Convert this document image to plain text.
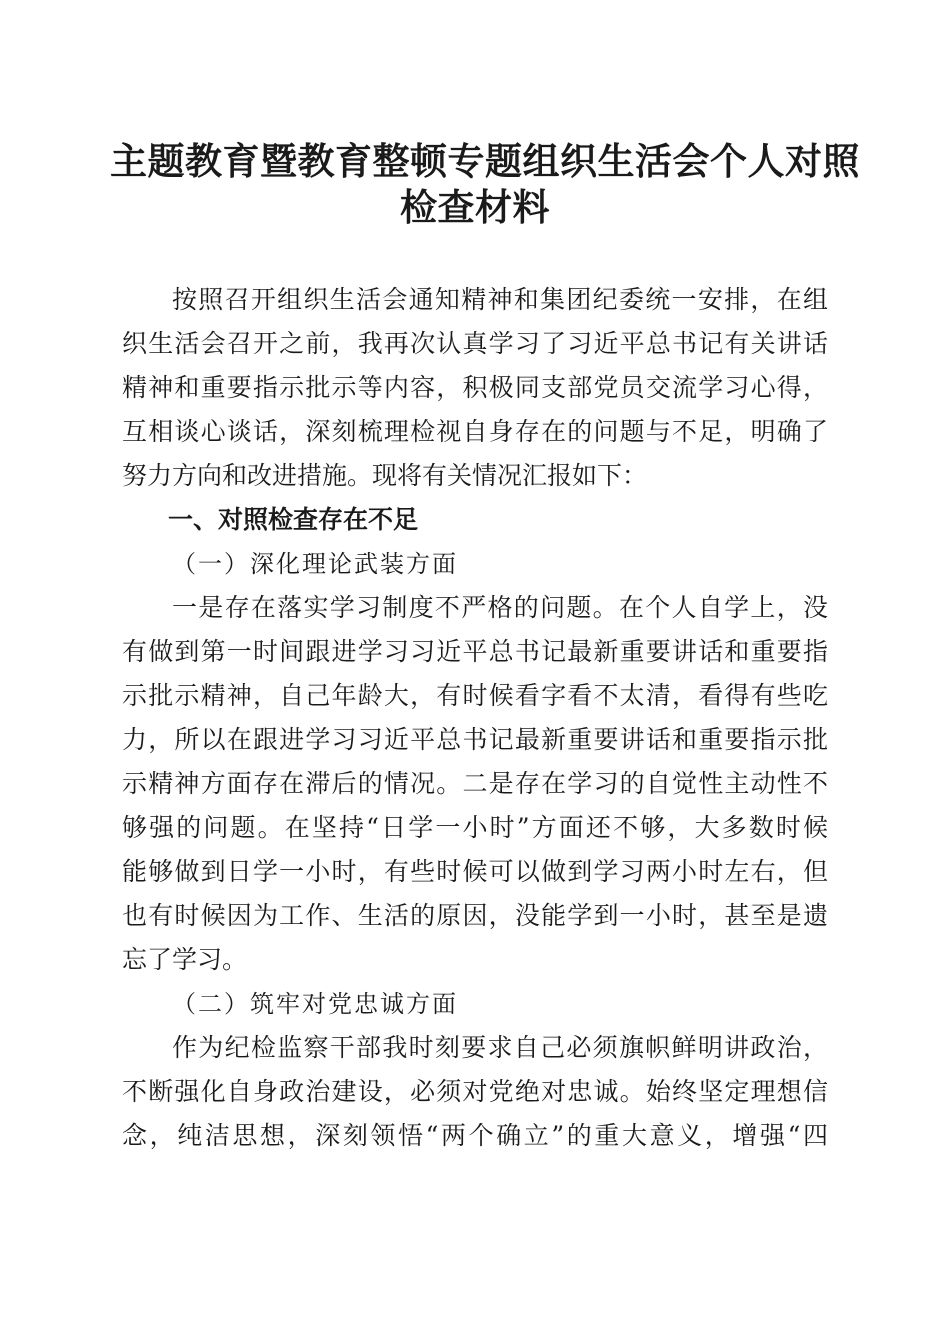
主题教育暨教育整顿专题组织生活会个人对照
检查材料
按照召开组织生活会通知精神和集团纪委统一安排，在组
织生活会召开之前，我再次认真学习了习近平总书记有关讲话
精神和重要指示批示等内容，积极同支部党员交流学习心得，
互相谈心谈话，深刻梳理检视自身存在的问题与不足，明确了
努力方向和改进措施。现将有关情况汇报如下：
一、对照检查存在不足
（一）深化理论武装方面
一是存在落实学习制度不严格的问题。在个人自学上，没
有做到第一时间跟进学习习近平总书记最新重要讲话和重要指
示批示精神，自己年龄大，有时候看字看不太清，看得有些吃
力，所以在跟进学习习近平总书记最新重要讲话和重要指示批
示精神方面存在滞后的情况。二是存在学习的自觉性主动性不
够强的问题。在坚持“日学一小时”方面还不够，大多数时候
能够做到日学一小时，有些时候可以做到学习两小时左右，但
也有时候因为工作、生活的原因，没能学到一小时，甚至是遗
忘了学习。
（二）筑牢对党忠诚方面
作为纪检监察干部我时刻要求自己必须旗帜鲜明讲政治，
不断强化自身政治建设，必须对党绝对忠诚。始终坚定理想信
念，纯洁思想，深刻领悟“两个确立”的重大意义，增强“四
